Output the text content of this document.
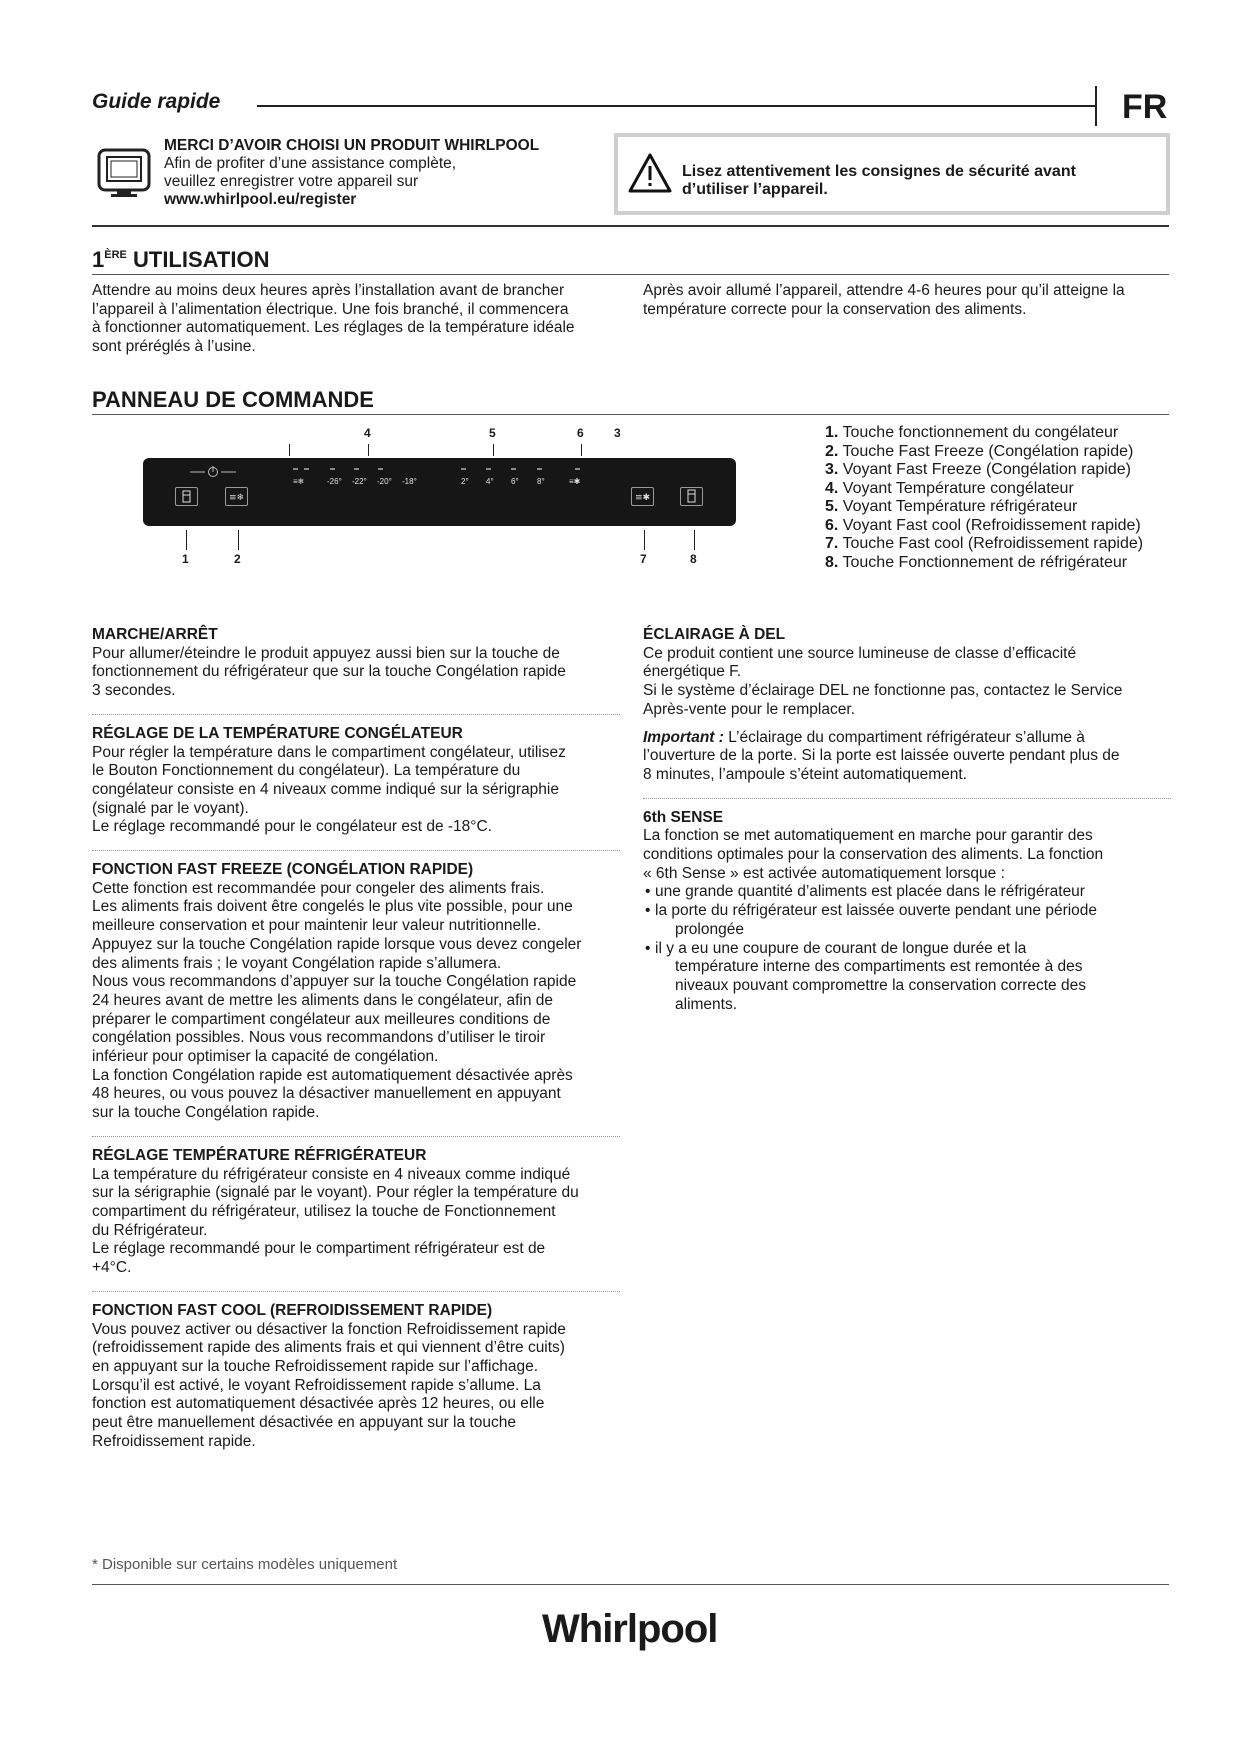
Guide rapide	FR
MERCI D’AVOIR CHOISI UN PRODUIT WHIRLPOOL
Afin de profiter d’une assistance complète,
veuillez enregistrer votre appareil sur
www.whirlpool.eu/register
Lisez attentivement les consignes de sécurité avant
d’utiliser l’appareil.
1ÈRE UTILISATION
Attendre au moins deux heures après l’installation avant de brancher
l’appareil à l’alimentation électrique. Une fois branché, il commencera
à fonctionner automatiquement. Les réglages de la température idéale
sont préréglés à l’usine.
Après avoir allumé l’appareil, attendre 4-6 heures pour qu’il atteigne la
température correcte pour la conservation des aliments.
PANNEAU DE COMMANDE
4	5	6	3
≡❄
≡❄	-26° -22° -20° -18°	2° 4° 6° 8°	≡✱
≡✱
1	2	7	8
1. Touche fonctionnement du congélateur
2. Touche Fast Freeze (Congélation rapide)
3. Voyant Fast Freeze (Congélation rapide)
4. Voyant Température congélateur
5. Voyant Température réfrigérateur
6. Voyant Fast cool (Refroidissement rapide)
7. Touche Fast cool (Refroidissement rapide)
8. Touche Fonctionnement de réfrigérateur
MARCHE/ARRÊT
Pour allumer/éteindre le produit appuyez aussi bien sur la touche de
fonctionnement du réfrigérateur que sur la touche Congélation rapide
3 secondes.
RÉGLAGE DE LA TEMPÉRATURE CONGÉLATEUR
Pour régler la température dans le compartiment congélateur, utilisez
le Bouton Fonctionnement du congélateur). La température du
congélateur consiste en 4 niveaux comme indiqué sur la sérigraphie
(signalé par le voyant).
Le réglage recommandé pour le congélateur est de -18°C.
FONCTION FAST FREEZE (CONGÉLATION RAPIDE)
Cette fonction est recommandée pour congeler des aliments frais.
Les aliments frais doivent être congelés le plus vite possible, pour une
meilleure conservation et pour maintenir leur valeur nutritionnelle.
Appuyez sur la touche Congélation rapide lorsque vous devez congeler
des aliments frais ; le voyant Congélation rapide s’allumera.
Nous vous recommandons d’appuyer sur la touche Congélation rapide
24 heures avant de mettre les aliments dans le congélateur, afin de
préparer le compartiment congélateur aux meilleures conditions de
congélation possibles. Nous vous recommandons d’utiliser le tiroir
inférieur pour optimiser la capacité de congélation.
La fonction Congélation rapide est automatiquement désactivée après
48 heures, ou vous pouvez la désactiver manuellement en appuyant
sur la touche Congélation rapide.
RÉGLAGE TEMPÉRATURE RÉFRIGÉRATEUR
La température du réfrigérateur consiste en 4 niveaux comme indiqué
sur la sérigraphie (signalé par le voyant). Pour régler la température du
compartiment du réfrigérateur, utilisez la touche de Fonctionnement
du Réfrigérateur.
Le réglage recommandé pour le compartiment réfrigérateur est de
+4°C.
FONCTION FAST COOL (REFROIDISSEMENT RAPIDE)
Vous pouvez activer ou désactiver la fonction Refroidissement rapide
(refroidissement rapide des aliments frais et qui viennent d’être cuits)
en appuyant sur la touche Refroidissement rapide sur l’affichage.
Lorsqu’il est activé, le voyant Refroidissement rapide s’allume. La
fonction est automatiquement désactivée après 12 heures, ou elle
peut être manuellement désactivée en appuyant sur la touche
Refroidissement rapide.
ÉCLAIRAGE À DEL
Ce produit contient une source lumineuse de classe d’efficacité
énergétique F.
Si le système d’éclairage DEL ne fonctionne pas, contactez le Service
Après-vente pour le remplacer.
Important : L’éclairage du compartiment réfrigérateur s’allume à
l’ouverture de la porte. Si la porte est laissée ouverte pendant plus de
8 minutes, l’ampoule s’éteint automatiquement.
6th SENSE
La fonction se met automatiquement en marche pour garantir des
conditions optimales pour la conservation des aliments. La fonction
« 6th Sense » est activée automatiquement lorsque :
• une grande quantité d’aliments est placée dans le réfrigérateur
• la porte du réfrigérateur est laissée ouverte pendant une période
prolongée
• il y a eu une coupure de courant de longue durée et la
température interne des compartiments est remontée à des
niveaux pouvant compromettre la conservation correcte des
aliments.
* Disponible sur certains modèles uniquement
Whirlpool
